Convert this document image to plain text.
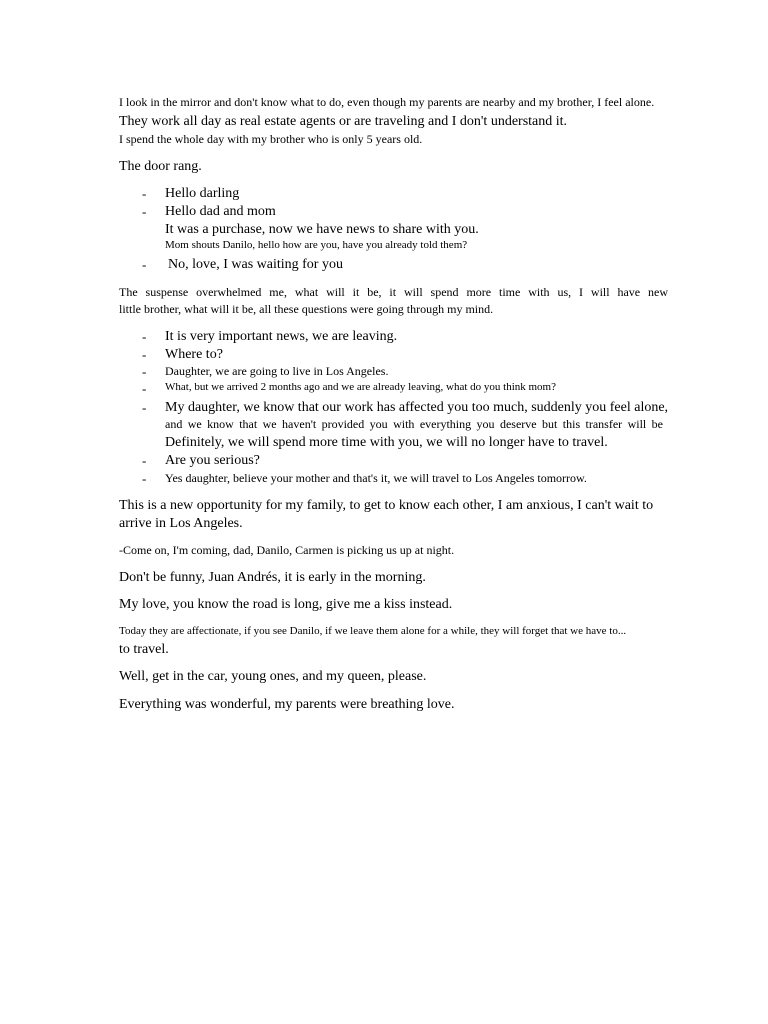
I look in the mirror and don't know what to do, even though my parents are nearby and my brother, I feel alone.
They work all day as real estate agents or are traveling and I don't understand it.
I spend the whole day with my brother who is only 5 years old.
The door rang.
- Hello darling
- Hello dad and mom
It was a purchase, now we have news to share with you.
Mom shouts Danilo, hello how are you, have you already told them?
- No, love, I was waiting for you
The suspense overwhelmed me, what will it be, it will spend more time with us, I will have new
little brother, what will it be, all these questions were going through my mind.
- It is very important news, we are leaving.
- Where to?
- Daughter, we are going to live in Los Angeles.
- What, but we arrived 2 months ago and we are already leaving, what do you think mom?
- My daughter, we know that our work has affected you too much, suddenly you feel alone,
and we know that we haven't provided you with everything you deserve but this transfer will be
Definitely, we will spend more time with you, we will no longer have to travel.
- Are you serious?
- Yes daughter, believe your mother and that's it, we will travel to Los Angeles tomorrow.
This is a new opportunity for my family, to get to know each other, I am anxious, I can't wait to
arrive in Los Angeles.
-Come on, I'm coming, dad, Danilo, Carmen is picking us up at night.
Don't be funny, Juan Andrés, it is early in the morning.
My love, you know the road is long, give me a kiss instead.
Today they are affectionate, if you see Danilo, if we leave them alone for a while, they will forget that we have to...
to travel.
Well, get in the car, young ones, and my queen, please.
Everything was wonderful, my parents were breathing love.
